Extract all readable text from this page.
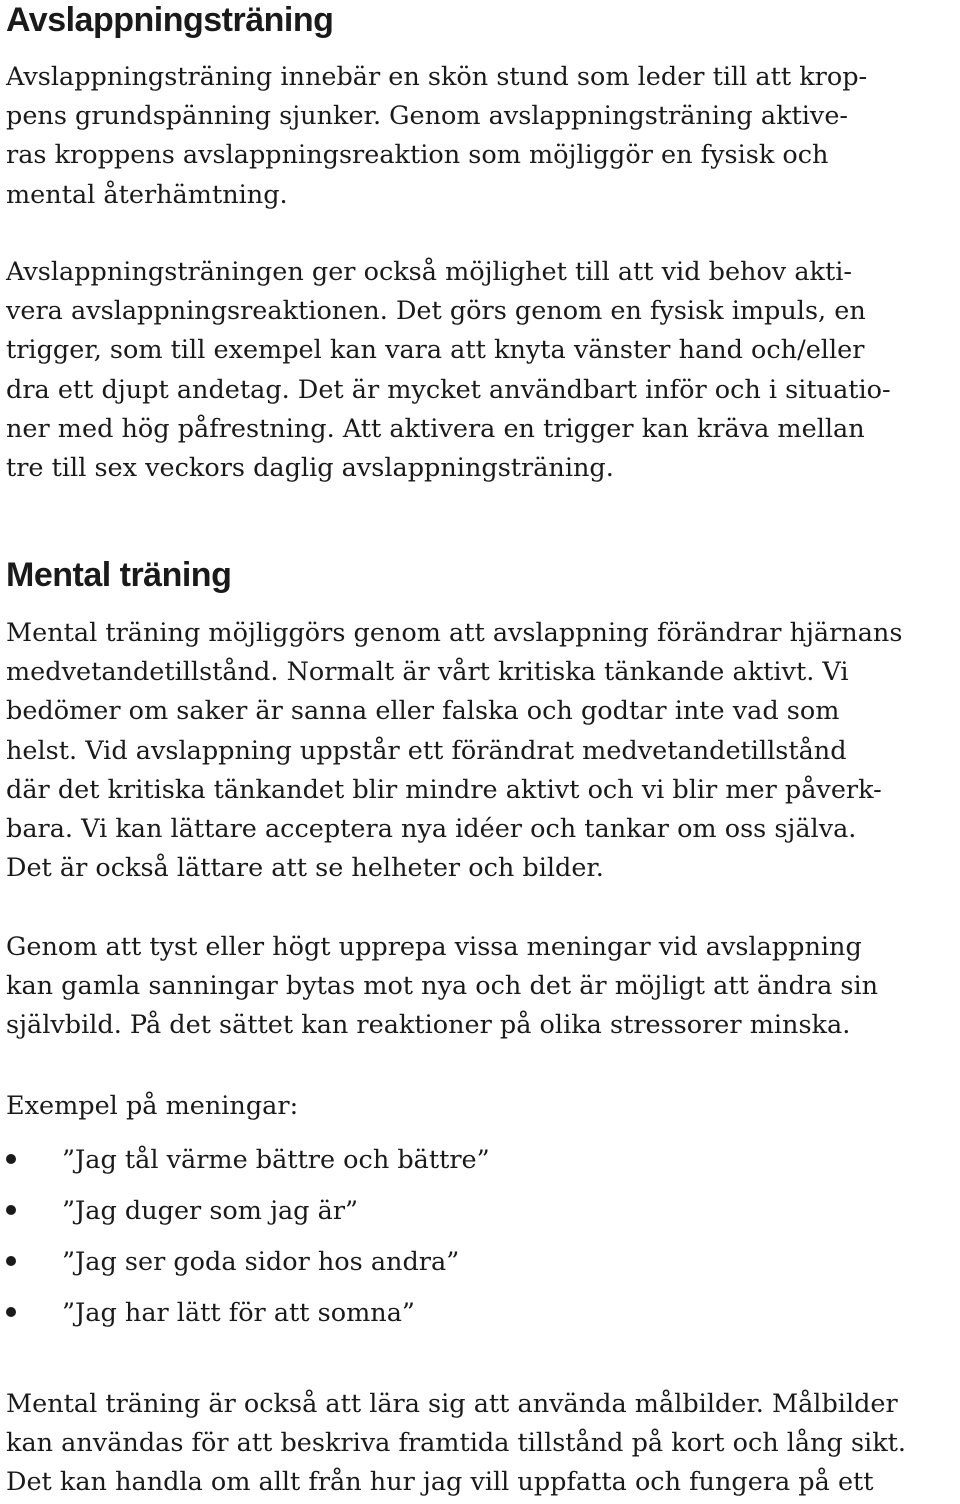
Avslappningsträning

Avslappningsträning innebär en skön stund som leder till att krop-
pens grundspänning sjunker. Genom avslappningsträning aktive-
ras kroppens avslappningsreaktion som möjliggör en fysisk och
mental återhämtning.

Avslappningsträningen ger också möjlighet till att vid behov akti-
vera avslappningsreaktionen. Det görs genom en fysisk impuls, en
trigger, som till exempel kan vara att knyta vänster hand och/eller
dra ett djupt andetag. Det är mycket användbart inför och i situatio-
ner med hög påfrestning. Att aktivera en trigger kan kräva mellan
tre till sex veckors daglig avslappningsträning.

Mental träning

Mental träning möjliggörs genom att avslappning förändrar hjärnans
medvetandetillstånd. Normalt är vårt kritiska tänkande aktivt. Vi
bedömer om saker är sanna eller falska och godtar inte vad som
helst. Vid avslappning uppstår ett förändrat medvetandetillstånd
där det kritiska tänkandet blir mindre aktivt och vi blir mer påverk-
bara. Vi kan lättare acceptera nya idéer och tankar om oss själva.
Det är också lättare att se helheter och bilder.

Genom att tyst eller högt upprepa vissa meningar vid avslappning
kan gamla sanningar bytas mot nya och det är möjligt att ändra sin
självbild. På det sättet kan reaktioner på olika stressorer minska.

Exempel på meningar:

”Jag tål värme bättre och bättre”
”Jag duger som jag är”
”Jag ser goda sidor hos andra”
”Jag har lätt för att somna”

Mental träning är också att lära sig att använda målbilder. Målbilder
kan användas för att beskriva framtida tillstånd på kort och lång sikt.
Det kan handla om allt från hur jag vill uppfatta och fungera på ett
